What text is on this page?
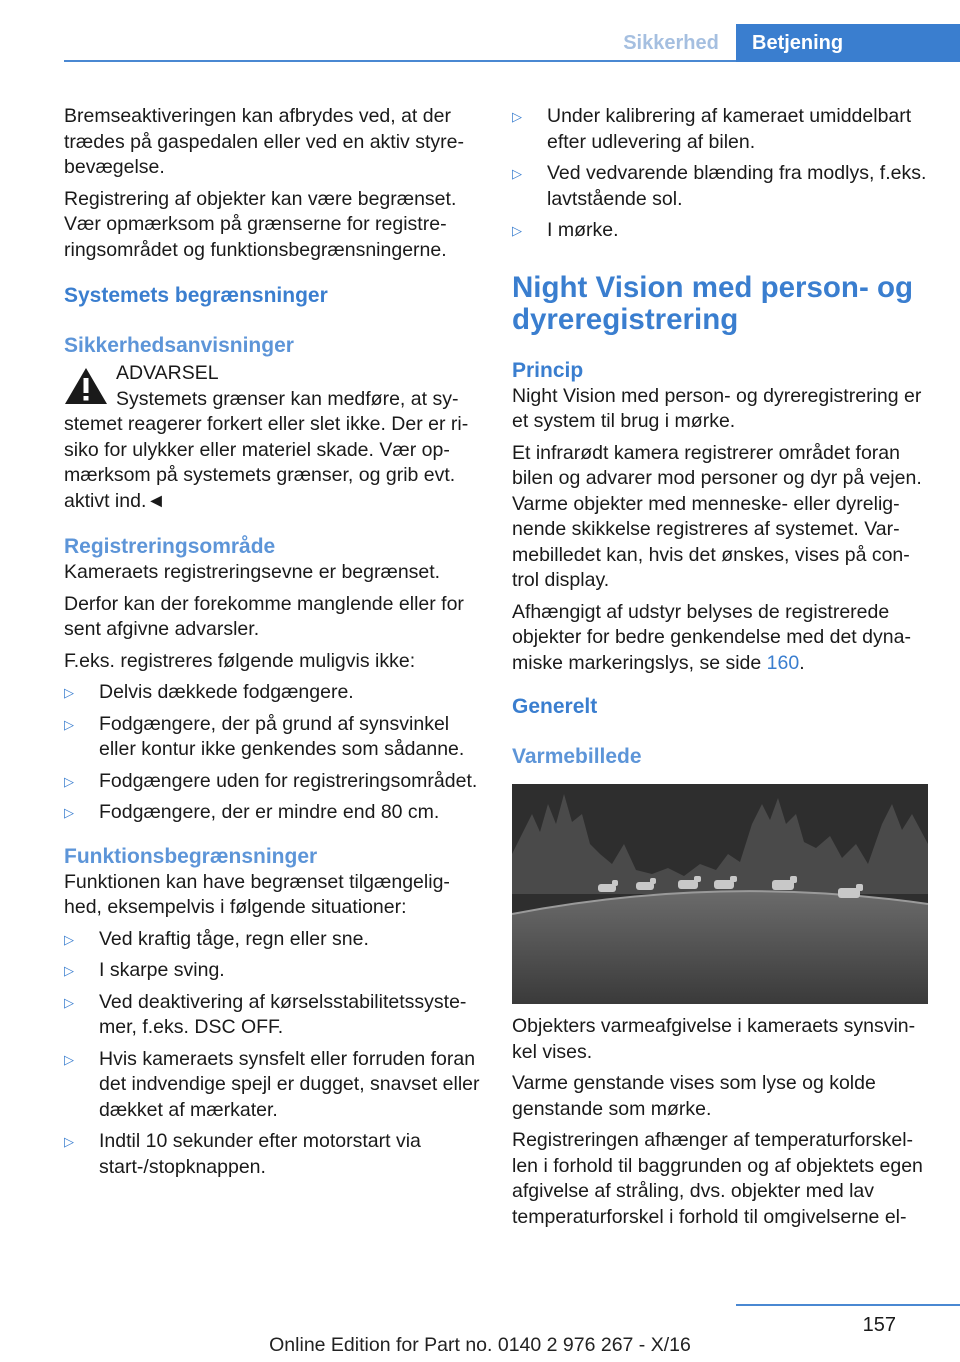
Sikkerhed	Betjening

Bremseaktiveringen kan afbrydes ved, at der trædes på gaspedalen eller ved en aktiv styrebevægelse.

Registrering af objekter kan være begrænset. Vær opmærksom på grænserne for registreringsområdet og funktionsbegrænsningerne.

Systemets begrænsninger
Sikkerhedsanvisninger

ADVARSEL

Systemets grænser kan medføre, at systemet reagerer forkert eller slet ikke. Der er risiko for ulykker eller materiel skade. Vær opmærksom på systemets grænser, og grib evt. aktivt ind.◄

Registreringsområde

Kameraets registreringsevne er begrænset.

Derfor kan der forekomme manglende eller for sent afgivne advarsler.

F.eks. registreres følgende muligvis ikke:

▷ Delvis dækkede fodgængere.
▷ Fodgængere, der på grund af synsvinkel eller kontur ikke genkendes som sådanne.
▷ Fodgængere uden for registreringsområdet.
▷ Fodgængere, der er mindre end 80 cm.
Funktionsbegrænsninger

Funktionen kan have begrænset tilgængelighed, eksempelvis i følgende situationer:

▷ Ved kraftig tåge, regn eller sne.
▷ I skarpe sving.
▷ Ved deaktivering af kørselsstabilitetssystemer, f.eks. DSC OFF.
▷ Hvis kameraets synsfelt eller forruden foran det indvendige spejl er dugget, snavset eller dækket af mærkater.
▷ Indtil 10 sekunder efter motorstart via start-/stopknappen.
▷ Under kalibrering af kameraet umiddelbart efter udlevering af bilen.
▷ Ved vedvarende blænding fra modlys, f.eks. lavtstående sol.
▷ I mørke.
Night Vision med person- og dyreregistrering
Princip

Night Vision med person- og dyreregistrering er et system til brug i mørke.

Et infrarødt kamera registrerer området foran bilen og advarer mod personer og dyr på vejen. Varme objekter med menneske- eller dyrelignende skikkelse registreres af systemet. Varmebilledet kan, hvis det ønskes, vises på control display.

Afhængigt af udstyr belyses de registrerede objekter for bedre genkendelse med det dynamiske markeringslys, se side 160.

Generelt
Varmebillede

Objekters varmeafgivelse i kameraets synsvinkel vises.

Varme genstande vises som lyse og kolde genstande som mørke.

Registreringen afhænger af temperaturforskellen i forhold til baggrunden og af objektets egen afgivelse af stråling, dvs. objekter med lav temperaturforskel i forhold til omgivelserne el-

157
Online Edition for Part no. 0140 2 976 267 - X/16
